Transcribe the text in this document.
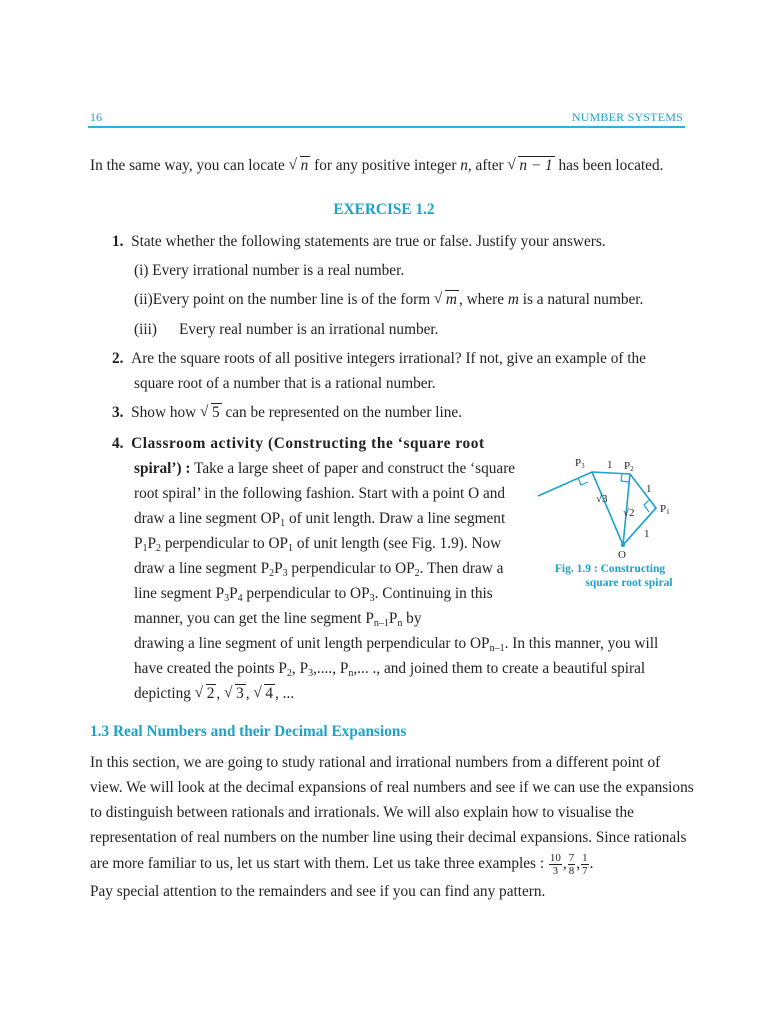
16	NUMBER SYSTEMS
In the same way, you can locate √ n for any positive integer n, after √ n − 1 has been located.
EXERCISE 1.2
1. State whether the following statements are true or false. Justify your answers.
(i) Every irrational number is a real number.
(ii)Every point on the number line is of the form √ m , where m is a natural number.
(iii) Every real number is an irrational number.
2. Are the square roots of all positive integers irrational? If not, give an example of the
square root of a number that is a rational number.
3. Show how √ 5 can be represented on the number line.
4. Classroom activity (Constructing the ‘square root
spiral’) : Take a large sheet of paper and construct the ‘square
root spiral’ in the following fashion. Start with a point O and
draw a line segment $OP_1$ of unit length. Draw a line segment
$P_1P_2$ perpendicular to $OP_1$ of unit length (see Fig. 1.9). Now
draw a line segment $P_2P_3$ perpendicular to $OP_2$. Then draw a
line segment $P_3P_4$ perpendicular to $OP_3$. Continuing in this
manner, you can get the line segment $P_{n-1}P_n$ by
drawing a line segment of unit length perpendicular to $OP_{n-1}$. In this manner, you will
have created the points $P_2$, $P_3$,...., $P_n$,... ., and joined them to create a beautiful spiral
depicting √ 2 , √ 3 , √ 4 , ...
O
P3	P2
P1
1
1
1
√3
√2
Fig. 1.9 : Constructing
square root spiral
1.3 Real Numbers and their Decimal Expansions
In this section, we are going to study rational and irrational numbers from a different point of
view. We will look at the decimal expansions of real numbers and see if we can use the expansions
to distinguish between rationals and irrationals. We will also explain how to visualise the
representation of real numbers on the number line using their decimal expansions. Since rationals
are more familiar to us, let us start with them. Let us take three examples : $\frac{10}{3}$ , $\frac{7}{8}$ , $\frac{1}{7}$ .
Pay special attention to the remainders and see if you can find any pattern.
